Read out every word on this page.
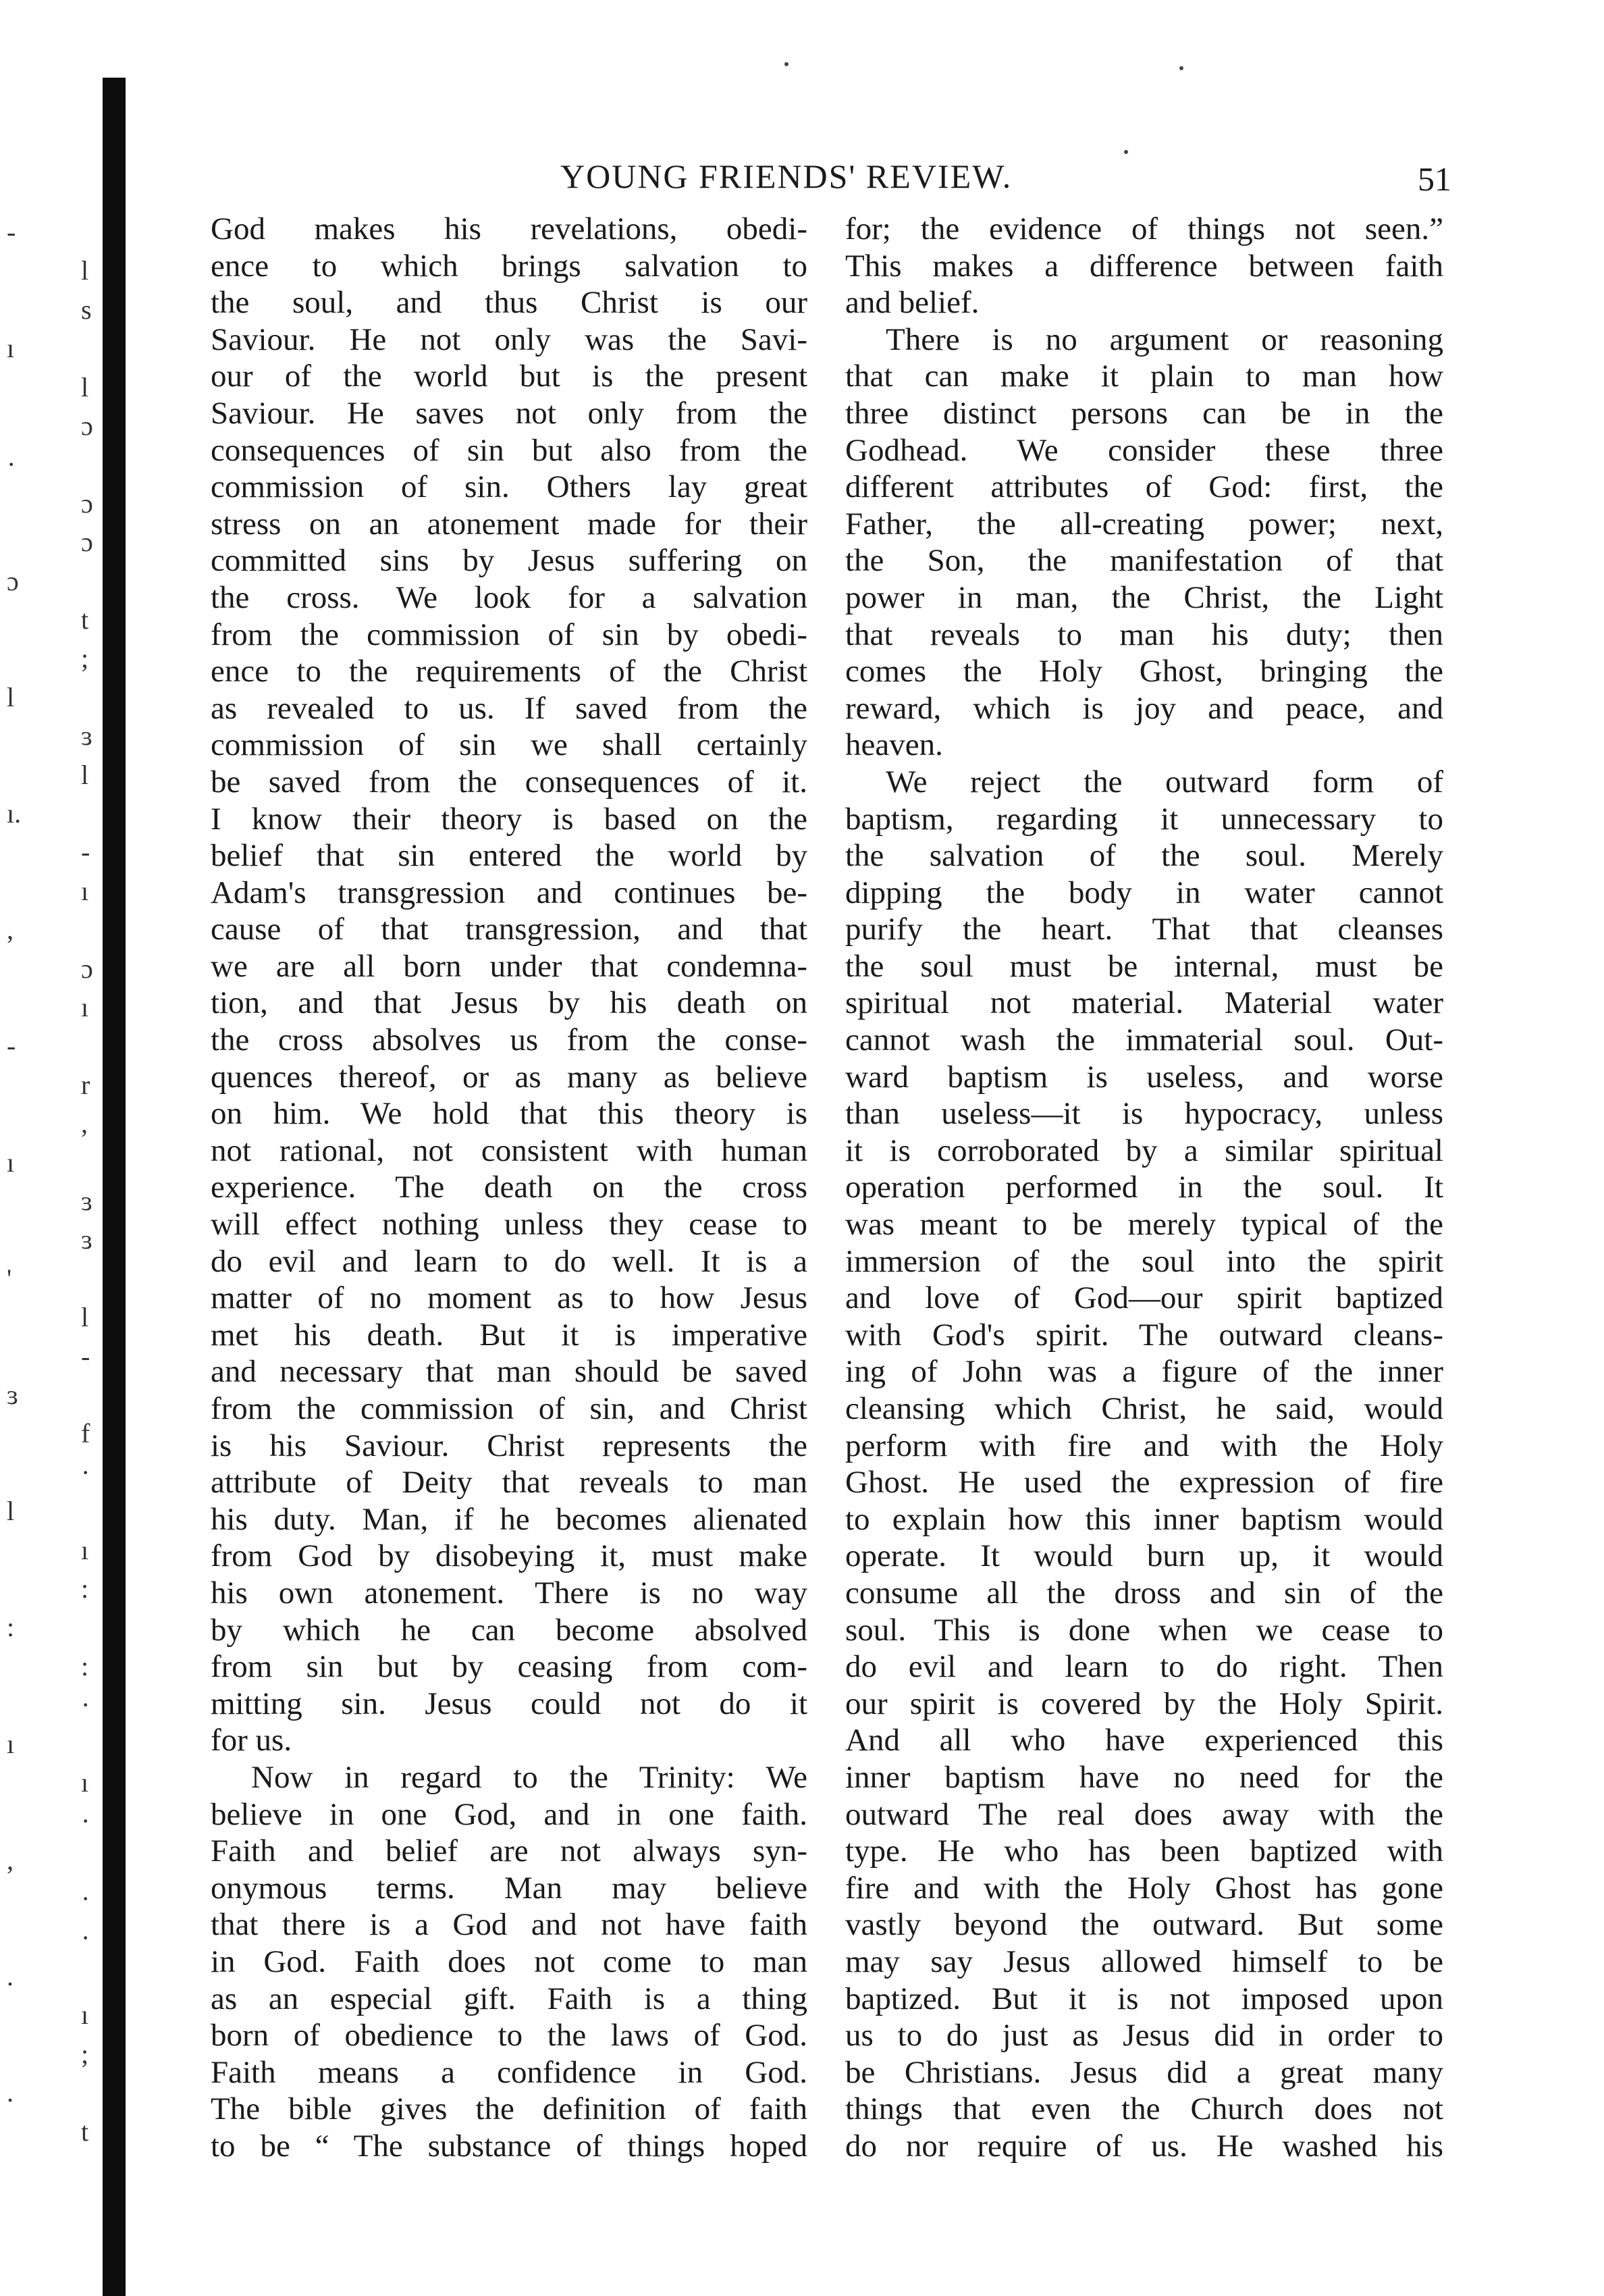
-
l
s
ı
l
ɔ
·
ɔ
ɔ
ɔ
t
;
l
ɜ
l
ı.
-
ı
,
ɔ
ı
-
r
,
ı
ɜ
ɜ
'
l
-
ɜ
f
·
l
ı
:
:
:
·
ı
ı
·
,
·
·
.
ı
;
.
t
YOUNG FRIENDS' REVIEW.	51
God makes his revelations, obedi-
ence to which brings salvation to
the soul, and thus Christ is our
Saviour. He not only was the Savi-
our of the world but is the present
Saviour. He saves not only from the
consequences of sin but also from the
commission of sin. Others lay great
stress on an atonement made for their
committed sins by Jesus suffering on
the cross. We look for a salvation
from the commission of sin by obedi-
ence to the requirements of the Christ
as revealed to us. If saved from the
commission of sin we shall certainly
be saved from the consequences of it.
I know their theory is based on the
belief that sin entered the world by
Adam's transgression and continues be-
cause of that transgression, and that
we are all born under that condemna-
tion, and that Jesus by his death on
the cross absolves us from the conse-
quences thereof, or as many as believe
on him. We hold that this theory is
not rational, not consistent with human
experience. The death on the cross
will effect nothing unless they cease to
do evil and learn to do well. It is a
matter of no moment as to how Jesus
met his death. But it is imperative
and necessary that man should be saved
from the commission of sin, and Christ
is his Saviour. Christ represents the
attribute of Deity that reveals to man
his duty. Man, if he becomes alienated
from God by disobeying it, must make
his own atonement. There is no way
by which he can become absolved
from sin but by ceasing from com-
mitting sin. Jesus could not do it
for us.
Now in regard to the Trinity: We
believe in one God, and in one faith.
Faith and belief are not always syn-
onymous terms. Man may believe
that there is a God and not have faith
in God. Faith does not come to man
as an especial gift. Faith is a thing
born of obedience to the laws of God.
Faith means a confidence in God.
The bible gives the definition of faith
to be “ The substance of things hoped
for; the evidence of things not seen.”
This makes a difference between faith
and belief.
There is no argument or reasoning
that can make it plain to man how
three distinct persons can be in the
Godhead. We consider these three
different attributes of God: first, the
Father, the all-creating power; next,
the Son, the manifestation of that
power in man, the Christ, the Light
that reveals to man his duty; then
comes the Holy Ghost, bringing the
reward, which is joy and peace, and
heaven.
We reject the outward form of
baptism, regarding it unnecessary to
the salvation of the soul. Merely
dipping the body in water cannot
purify the heart. That that cleanses
the soul must be internal, must be
spiritual not material. Material water
cannot wash the immaterial soul. Out-
ward baptism is useless, and worse
than useless—it is hypocracy, unless
it is corroborated by a similar spiritual
operation performed in the soul. It
was meant to be merely typical of the
immersion of the soul into the spirit
and love of God—our spirit baptized
with God's spirit. The outward cleans-
ing of John was a figure of the inner
cleansing which Christ, he said, would
perform with fire and with the Holy
Ghost. He used the expression of fire
to explain how this inner baptism would
operate. It would burn up, it would
consume all the dross and sin of the
soul. This is done when we cease to
do evil and learn to do right. Then
our spirit is covered by the Holy Spirit.
And all who have experienced this
inner baptism have no need for the
outward The real does away with the
type. He who has been baptized with
fire and with the Holy Ghost has gone
vastly beyond the outward. But some
may say Jesus allowed himself to be
baptized. But it is not imposed upon
us to do just as Jesus did in order to
be Christians. Jesus did a great many
things that even the Church does not
do nor require of us. He washed his
